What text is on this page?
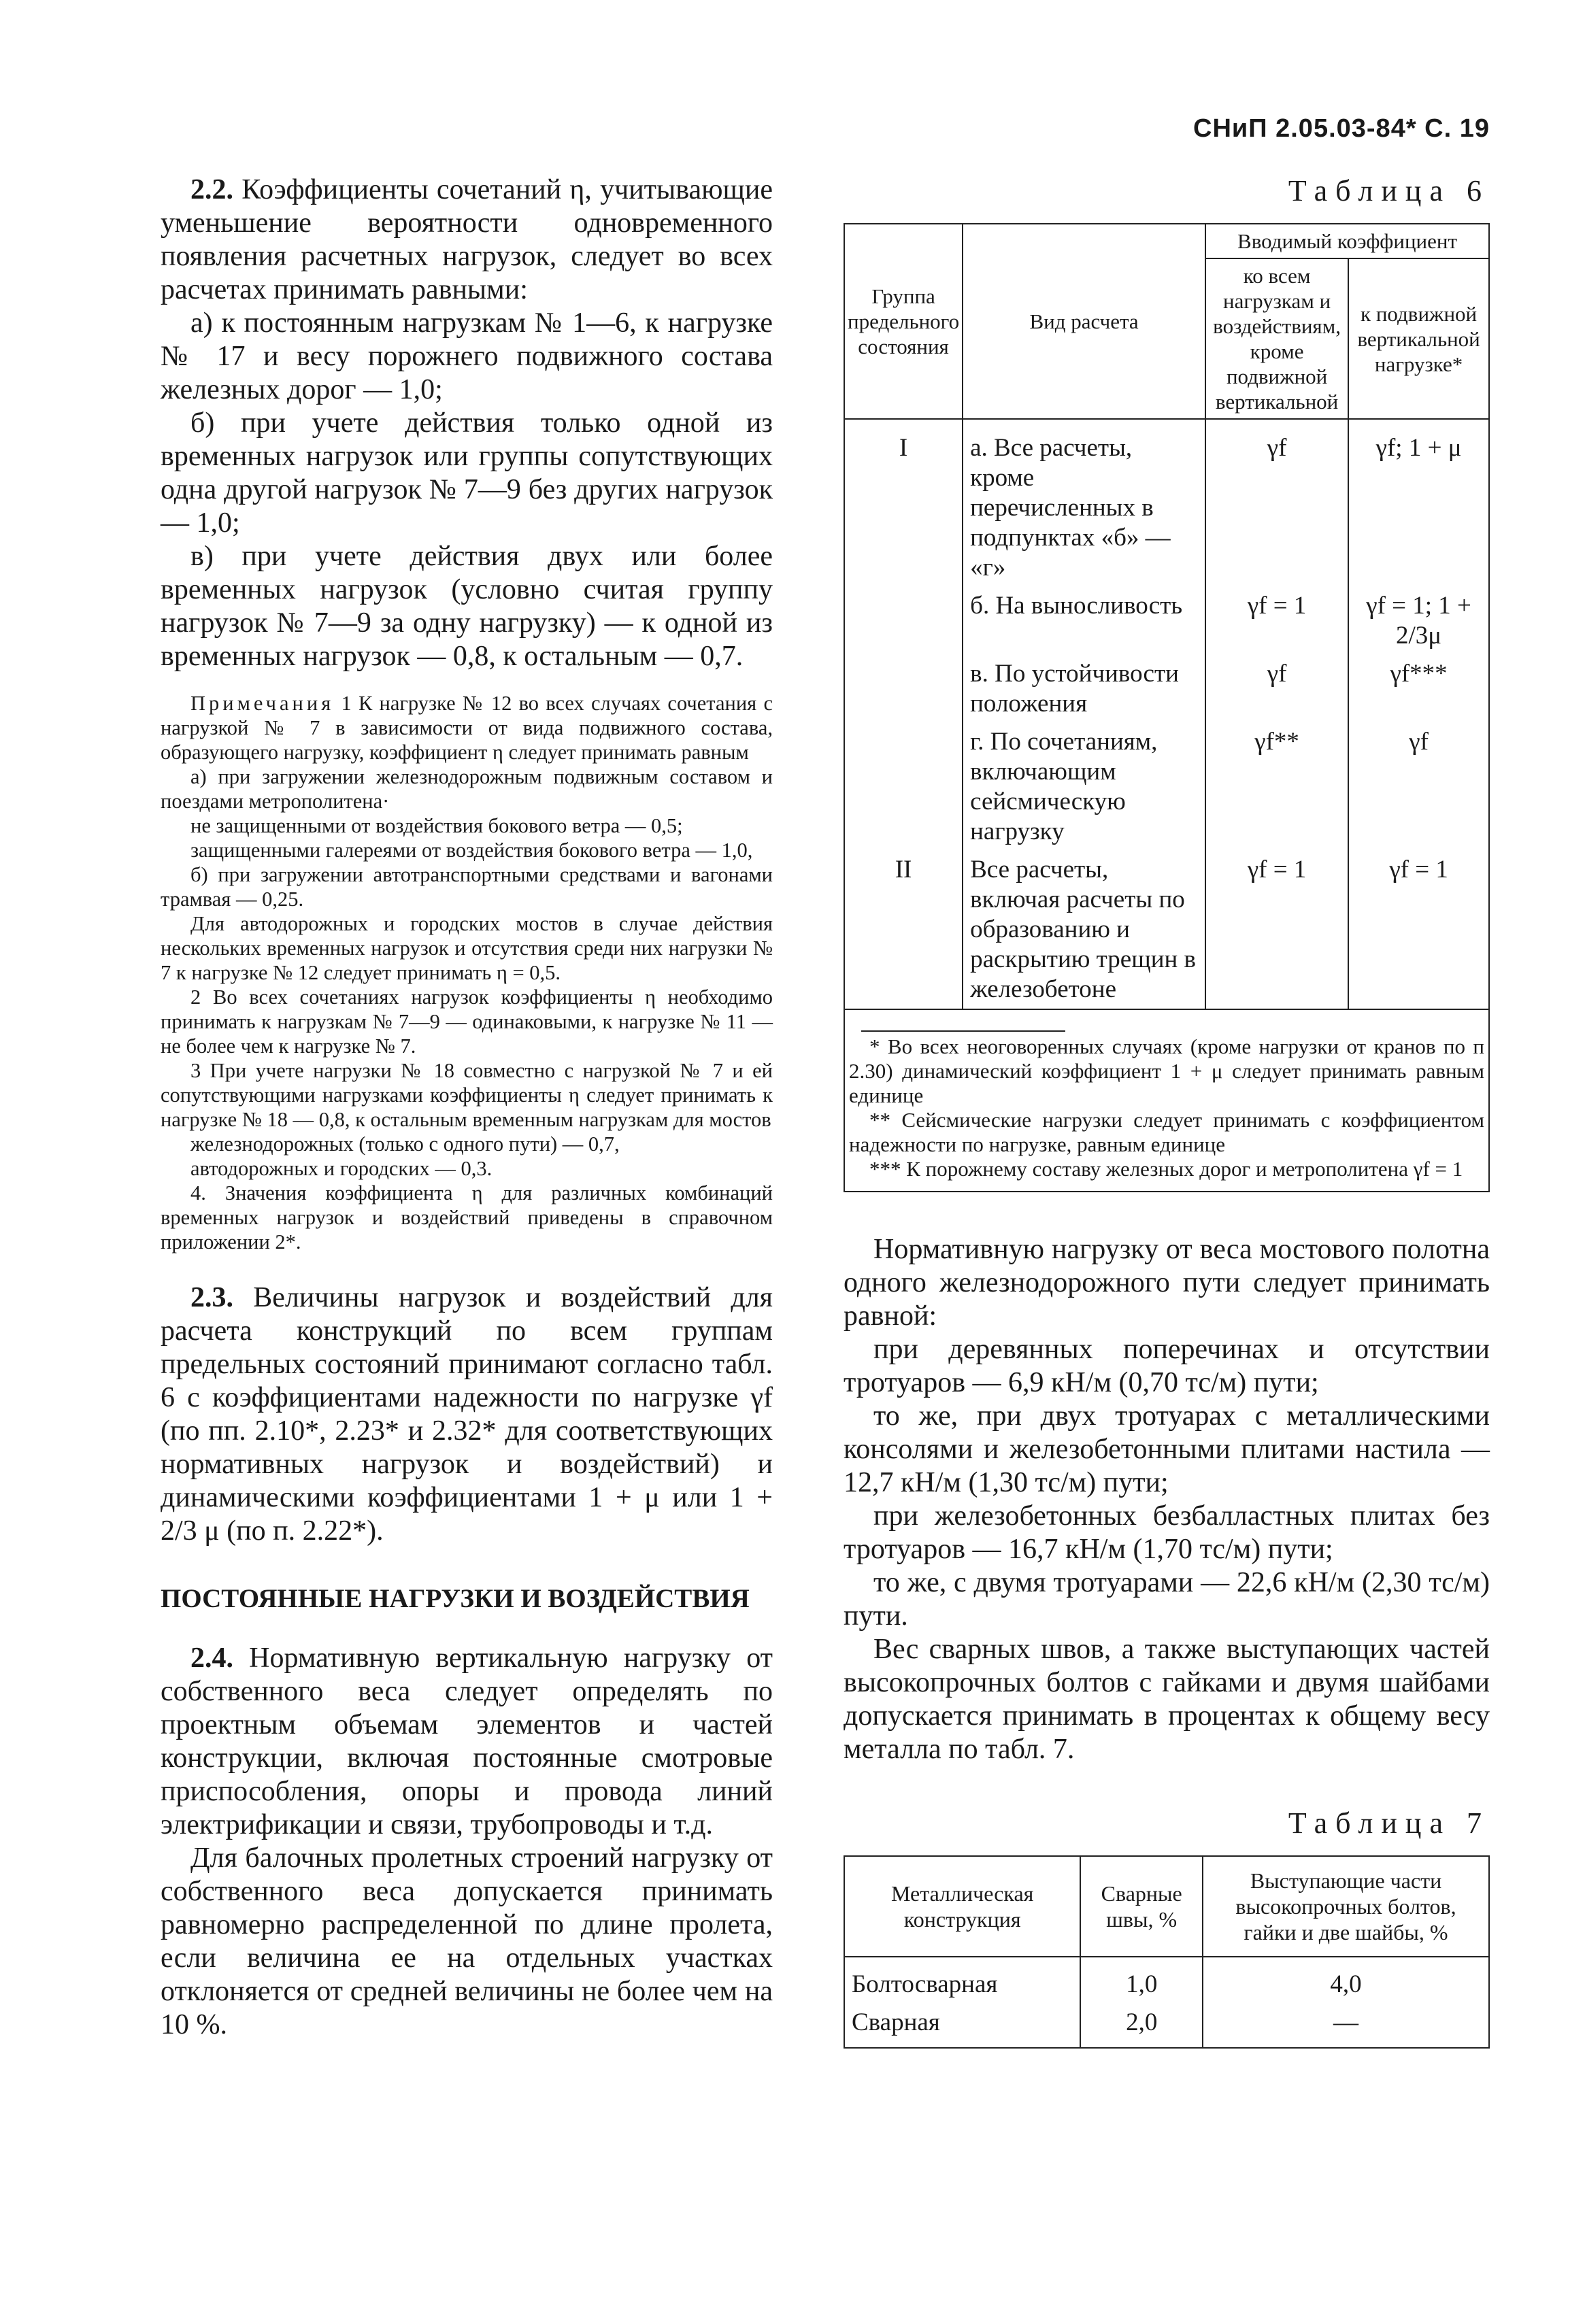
СНиП 2.05.03-84* С. 19

2.2. Коэффициенты сочетаний η, учитывающие уменьшение вероятности одновременного появления расчетных нагрузок, следует во всех расчетах принимать равными:

а) к постоянным нагрузкам № 1—6, к нагрузке № 17 и весу порожнего подвижного состава железных дорог — 1,0;

б) при учете действия только одной из временных нагрузок или группы сопутствующих одна другой нагрузок № 7—9 без других нагрузок — 1,0;

в) при учете действия двух или более временных нагрузок (условно считая группу нагрузок № 7—9 за одну нагрузку) — к одной из временных нагрузок — 0,8, к остальным — 0,7.

Примечания 1 К нагрузке № 12 во всех случаях сочетания с нагрузкой № 7 в зависимости от вида подвижного состава, образующего нагрузку, коэффициент η следует принимать равным

а) при загружении железнодорожным подвижным составом и поездами метрополитена·

не защищенными от воздействия бокового ветра — 0,5;

защищенными галереями от воздействия бокового ветра — 1,0,

б) при загружении автотранспортными средствами и вагонами трамвая — 0,25.

Для автодорожных и городских мостов в случае действия нескольких временных нагрузок и отсутствия среди них нагрузки № 7 к нагрузке № 12 следует принимать η = 0,5.

2 Во всех сочетаниях нагрузок коэффициенты η необходимо принимать к нагрузкам № 7—9 — одинаковыми, к нагрузке № 11 — не более чем к нагрузке № 7.

3 При учете нагрузки № 18 совместно с нагрузкой № 7 и ей сопутствующими нагрузками коэффициенты η следует принимать к нагрузке № 18 — 0,8, к остальным временным нагрузкам для мостов

железнодорожных (только с одного пути) — 0,7,

автодорожных и городских — 0,3.

4. Значения коэффициента η для различных комбинаций временных нагрузок и воздействий приведены в справочном приложении 2*.

2.3. Величины нагрузок и воздействий для расчета конструкций по всем группам предельных состояний принимают согласно табл. 6 с коэффициентами надежности по нагрузке γf (по пп. 2.10*, 2.23* и 2.32* для соответствующих нормативных нагрузок и воздействий) и динамическими коэффициентами 1 + μ или 1 + 2/3 μ (по п. 2.22*).

ПОСТОЯННЫЕ НАГРУЗКИ И ВОЗДЕЙСТВИЯ

2.4. Нормативную вертикальную нагрузку от собственного веса следует определять по проектным объемам элементов и частей конструкции, включая постоянные смотровые приспособления, опоры и провода линий электрификации и связи, трубопроводы и т.д.

Для балочных пролетных строений нагрузку от собственного веса допускается принимать равномерно распределенной по длине пролета, если величина ее на отдельных участках отклоняется от средней величины не более чем на 10 %.

Таблица 6
Группа предельного состояния	Вид расчета	Вводимый коэффициент	
		ко всем нагрузкам и воздействиям, кроме подвижной вертикальной	к подвижной вертикальной нагрузке*
I	а. Все расчеты, кроме перечисленных в подпунктах «б» — «г»	γf	γf; 1 + μ
	б. На выносливость	γf = 1	γf = 1; 1 + 2/3μ
	в. По устойчивости положения	γf	γf***
	г. По сочетаниям, включающим сейсмическую нагрузку	γf**	γf
II	Все расчеты, включая расчеты по образованию и раскрытию трещин в железобетоне	γf = 1	γf = 1

* Во всех неоговоренных случаях (кроме нагрузки от кранов по п 2.30) динамический коэффициент 1 + μ следует принимать равным единице

** Сейсмические нагрузки следует принимать с коэффициентом надежности по нагрузке, равным единице

*** К порожнему составу железных дорог и метрополитена γf = 1			

Нормативную нагрузку от веса мостового полотна одного железнодорожного пути следует принимать равной:

при деревянных поперечинах и отсутствии тротуаров — 6,9 кН/м (0,70 тс/м) пути;

то же, при двух тротуарах с металлическими консолями и железобетонными плитами настила — 12,7 кН/м (1,30 тс/м) пути;

при железобетонных безбалластных плитах без тротуаров — 16,7 кН/м (1,70 тс/м) пути;

то же, с двумя тротуарами — 22,6 кН/м (2,30 тс/м) пути.

Вес сварных швов, а также выступающих частей высокопрочных болтов с гайками и двумя шайбами допускается принимать в процентах к общему весу металла по табл. 7.

Таблица 7
Металлическая конструкция	Сварные швы, %	Выступающие части высокопрочных болтов, гайки и две шайбы, %
Болтосварная	1,0	4,0
Сварная	2,0	—
